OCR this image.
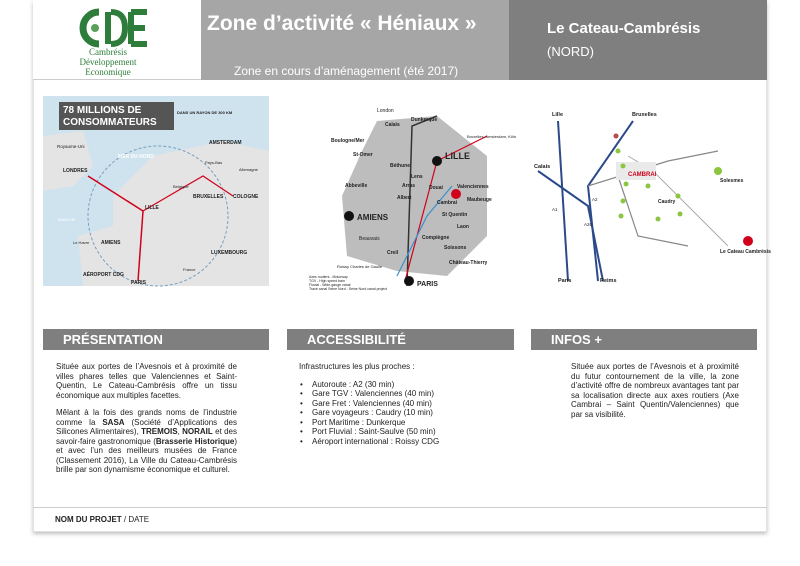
Cambrésis
Développement
Economique
Zone d’activité « Héniaux »
Zone en cours d’aménagement (été 2017)
Le Cateau-Cambrésis
(NORD)
78 MILLIONS DE
CONSOMMATEURS
DANS UN RAYON DE 300 KM
MER DU NORD
Royaume-Uni
LONDRES
AMSTERDAM
BRUXELLES COLOGNE
LILLE
AMIENS
LUXEMBOURG
AÉROPORT CDG
PARIS
Allemagne
Belgique
Pays-Bas
France
MANCHE
Le Havre
London
Calais
Dunkerque
Boulogne/Mer
St-Omer
Béthune
LILLE
Lens
Arras	Douai	Valenciennes
Maubeuge
Abbeville
Albert
Cambrai
St Quentin
AMIENS
Laon
Beauvais	Compiègne
Soissons
Creil
Château-Thierry
PARIS
Roissy Charles de Gaulle
Bruxelles, Amsterdam, Köln
Axes routiers - Motorway
TGV - High speed train
Fluvial - Wide-gauge canal
Tracé canal Seine Nord - Seine Nord canal project
Lille	Bruxelles
Calais
Paris	Reims
CAMBRAI
Solesmes
Caudry
Le Cateau Cambrésis
A1
A2
A26
PRÉSENTATION	ACCESSIBILITÉ	INFOS +

Située aux portes de l’Avesnois et à proximité de villes phares telles que Valenciennes et Saint-Quentin, Le Cateau-Cambrésis offre un tissu économique aux multiples facettes.

Mêlant à la fois des grands noms de l’industrie comme la SASA (Société d’Applications des Silicones Alimentaires), TREMOIS, NORAIL et des savoir-faire gastronomique (Brasserie Historique) et avec l’un des meilleurs musées de France (Classement 2016), La Ville du Cateau-Cambrésis brille par son dynamisme économique et culturel.

Infrastructures les plus proches :
• Autoroute : A2 (30 min)
• Gare TGV : Valenciennes (40 min)
• Gare Fret : Valenciennes (40 min)
• Gare voyageurs : Caudry (10 min)
• Port Maritime : Dunkerque
• Port Fluvial : Saint-Saulve (50 min)
• Aéroport international : Roissy CDG

Située aux portes de l’Avesnois et à proximité du futur contournement de la ville, la zone d’activité offre de nombreux avantages tant par sa localisation directe aux axes routiers (Axe Cambrai – Saint Quentin/Valenciennes) que par sa visibilité.

NOM DU PROJET / DATE
